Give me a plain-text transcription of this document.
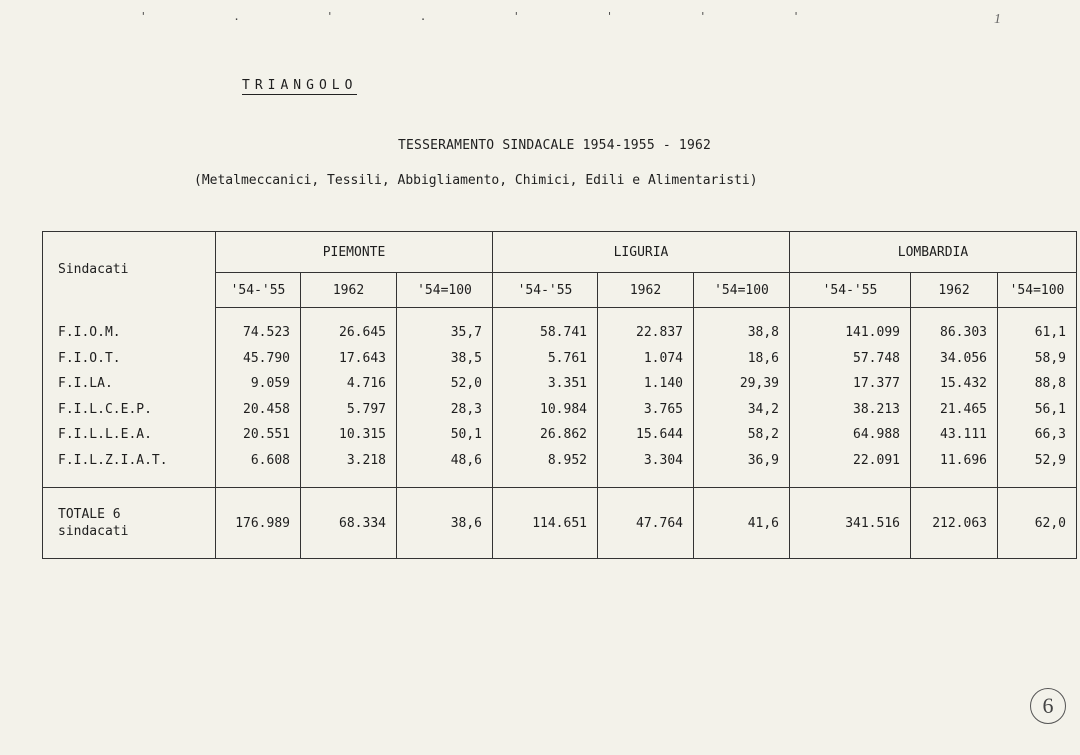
' . ' . ' ' ' '	1
TRIANGOLO
TESSERAMENTO SINDACALE 1954-1955 - 1962
(Metalmeccanici, Tessili, Abbigliamento, Chimici, Edili e Alimentaristi)
Sindacati	PIEMONTE			LIGURIA			LOMBARDIA		
	'54-'55	1962	'54=100	'54-'55	1962	'54=100	'54-'55	1962	'54=100

F.I.O.M.	74.523	26.645	35,7	58.741	22.837	38,8	141.099	86.303	61,1
F.I.O.T.	45.790	17.643	38,5	5.761	1.074	18,6	57.748	34.056	58,9
F.I.LA.	9.059	4.716	52,0	3.351	1.140	29,39	17.377	15.432	88,8
F.I.L.C.E.P.	20.458	5.797	28,3	10.984	3.765	34,2	38.213	21.465	56,1
F.I.L.L.E.A.	20.551	10.315	50,1	26.862	15.644	58,2	64.988	43.111	66,3
F.I.L.Z.I.A.T.	6.608	3.218	48,6	8.952	3.304	36,9	22.091	11.696	52,9

TOTALE 6
sindacati	176.989	68.334	38,6	114.651	47.764	41,6	341.516	212.063	62,0
6
